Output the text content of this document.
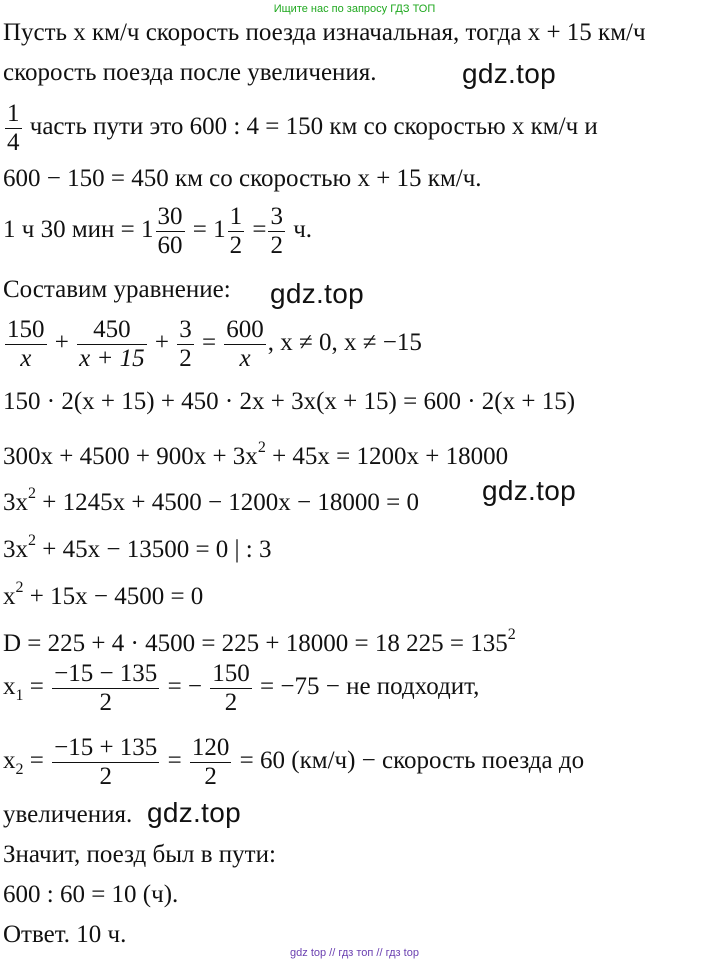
Ищите нас по запросу ГДЗ ТОП
Пусть x км/ч скорость поезда изначальная, тогда x + 15 км/ч
скорость поезда после увеличения.
$\frac{1}{4}$ часть пути это 600 : 4 = 150 км со скоростью x км/ч и
600 − 150 = 450 км со скоростью x + 15 км/ч.
1 ч 30 мин = $1 \frac{30}{60} = 1 \frac{1}{2} = \frac{3}{2} ч$.
Составим уравнение:
$\frac{150}{x} + \frac{450}{x + 15} + \frac{3}{2} = \frac{600}{x}$ , x ≠ 0, x ≠ −15
150 · 2(x + 15) + 450 · 2x + 3x(x + 15) = 600 · 2(x + 15)
$300x + 4500 + 900x + 3x^2 + 45x = 1200x + 18000$
$3x^2 + 1245x + 4500 - 1200x - 18000 = 0$
$3x^2 + 45x - 13500 = 0$ | : 3
$x^2 + 15x - 4500 = 0$
D = 225 + 4 · 4500 = 225 + 18000 = 18 $225 = 135^2$
$x_1 = \frac{-15 - 135}{2}$ = − $\frac{150}{2} = -75$ − не подходит,
$x_2 = \frac{-15 + 135}{2} = \frac{120}{2} = 60$ (км/ч) − скорость поезда до
увеличения.
Значит, поезд был в пути:
600 : 60 = 10 (ч).
Ответ. 10 ч.
gdz.top
gdz.top
gdz.top
gdz.top
gdz top // гдз топ // гдз top
